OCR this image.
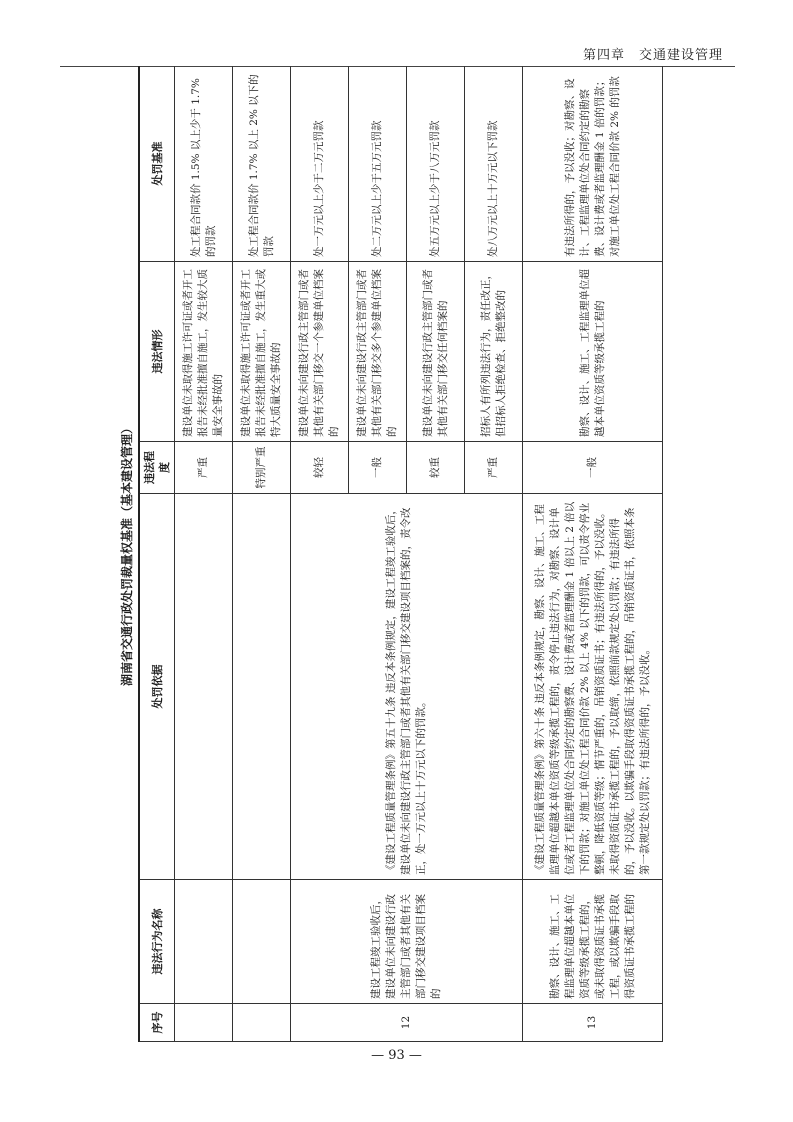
第四章　交通建设管理
湖南省交通行政处罚裁量权基准（基本建设管理）
序号	违法行为名称	处罚依据	违法程度	违法情形	处罚基准
			严重	建设单位未取得施工许可证或者开工报告未经批准擅自施工，发生较大质量安全事故的	处工程合同款价 1.5% 以上少于 1.7% 的罚款
			特别严重	建设单位未取得施工许可证或者开工报告未经批准擅自施工，发生重大或特大质量安全事故的	处工程合同款价 1.7% 以上 2% 以下的罚款
12	建设工程竣工验收后，建设单位未向建设行政主管部门或者其他有关部门移交建设项目档案的	《建设工程质量管理条例》第五十九条 违反本条例规定，建设工程竣工验收后，建设单位未向建设行政主管部门或者其他有关部门移交建设项目档案的，责令改正，处一万元以上十万元以下的罚款。	较轻	建设单位未向建设行政主管部门或者其他有关部门移交一个参建单位档案的	处一万元以上少于二万元罚款
			一般	建设单位未向建设行政主管部门或者其他有关部门移交多个参建单位档案的	处二万元以上少于五万元罚款
			较重	建设单位未向建设行政主管部门或者其他有关部门移交任何档案的	处五万元以上少于八万元罚款
			严重	招标人有所列违法行为，责任改正，但招标人拒绝检查、拒绝整改的	处八万元以上十万元以下罚款
13	勘察、设计、施工、工程监理单位超越本单位资质等级承揽工程的，或未取得资质证书承揽工程，或以欺骗手段取得资质证书承揽工程的	《建设工程质量管理条例》第六十条 违反本条例规定，勘察、设计、施工、工程监理单位超越本单位资质等级承揽工程的，责令停止违法行为，对勘察、设计单位或者工程监理单位处合同约定的勘察费、设计费或者监理酬金 1 倍以上 2 倍以下的罚款；对施工单位处工程合同价款 2% 以上 4% 以下的罚款，可以责令停业整顿，降低资质等级；情节严重的，吊销资质证书；有违法所得的，予以没收。未取得资质证书承揽工程的，予以取缔，依照前款规定处以罚款；有违法所得的，予以没收。以欺骗手段取得资质证书承揽工程的，吊销资质证书，依照本条第一款规定处以罚款；有违法所得的，予以没收。	一般	勘察、设计、施工、工程监理单位超越本单位资质等级承揽工程的	有违法所得的，予以没收；对勘察、设计、工程监理单位处合同约定的勘察费、设计费或者监理酬金 1 倍的罚款；对施工单位处工程合同价款 2% 的罚款
— 93 —
